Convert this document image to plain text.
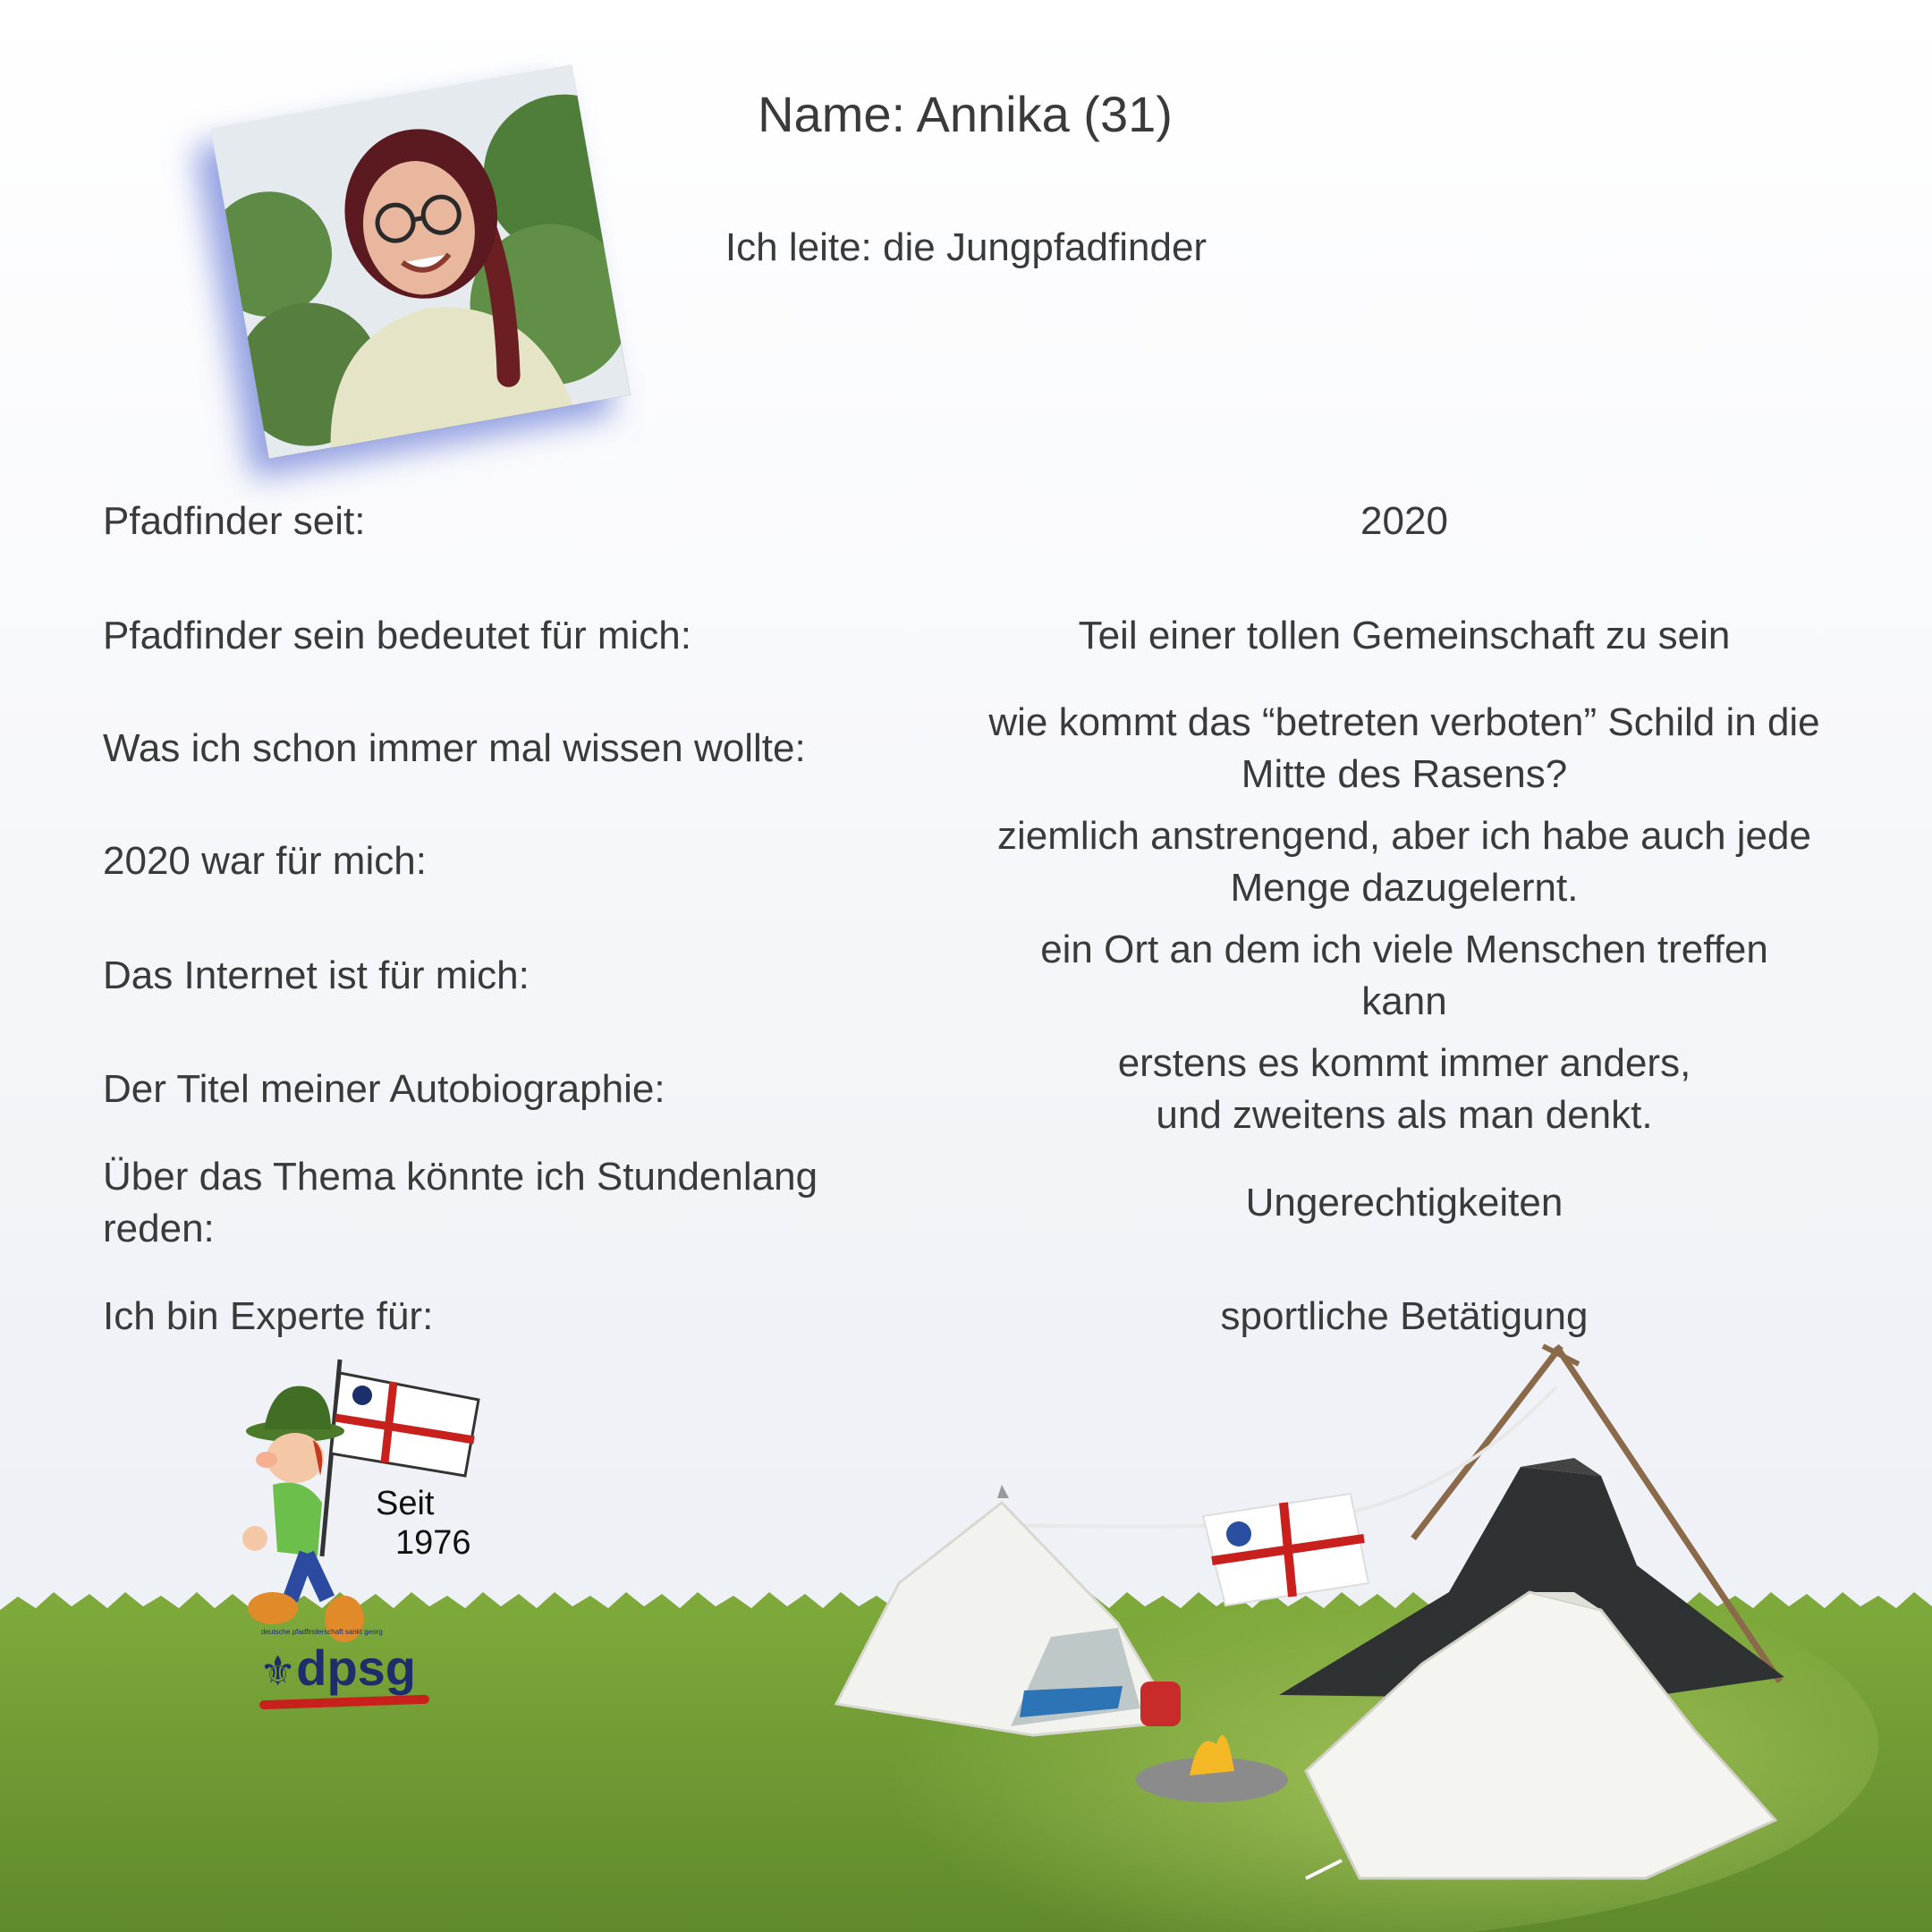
Name: Annika (31)
Ich leite: die Jungpfadfinder
Pfadfinder seit:	2020
Pfadfinder sein bedeutet für mich:	Teil einer tollen Gemeinschaft zu sein
Was ich schon immer mal wissen wollte:
wie kommt das “betreten verboten” Schild in die Mitte des Rasens?
2020 war für mich:
ziemlich anstrengend, aber ich habe auch jede Menge dazugelernt.
Das Internet ist für mich:
ein Ort an dem ich viele Menschen treffen kann
Der Titel meiner Autobiographie:
erstens es kommt immer anders,
und zweitens als man denkt.
Über das Thema könnte ich Stundenlang reden:
Ungerechtigkeiten
Ich bin Experte für:	sportliche Betätigung
Seit
1976
deutsche pfadfinderschaft sankt georg
⚜dpsg
